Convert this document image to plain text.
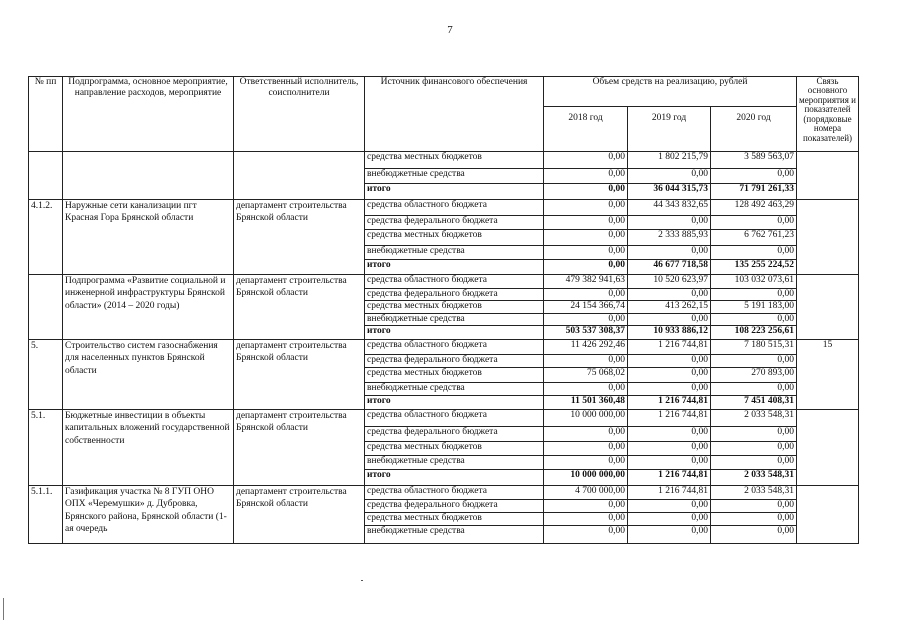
7
№ пп	Подпрограмма, основное мероприятие, направление расходов, мероприятие	Ответственный исполнитель, соисполнители	Источник финансового обеспечения	Объем средств на реализацию, рублей			Связь основного мероприятия и показателей (порядковые номера показателей)
				2018 год	2019 год	2020 год	
			средства местных бюджетов	0,00	1 802 215,79	3 589 563,07	
			внебюджетные средства	0,00	0,00	0,00	
			итого	0,00	36 044 315,73	71 791 261,33	
4.1.2.	Наружные сети канализации пгт Красная Гора Брянской области	департамент строительства Брянской области	средства областного бюджета	0,00	44 343 832,65	128 492 463,29	
			средства федерального бюджета	0,00	0,00	0,00	
			средства местных бюджетов	0,00	2 333 885,93	6 762 761,23	
			внебюджетные средства	0,00	0,00	0,00	
			итого	0,00	46 677 718,58	135 255 224,52	
	Подпрограмма «Развитие социальной и инженерной инфраструктуры Брянской области» (2014 – 2020 годы)	департамент строительства Брянской области	средства областного бюджета	479 382 941,63	10 520 623,97	103 032 073,61	
			средства федерального бюджета	0,00	0,00	0,00	
			средства местных бюджетов	24 154 366,74	413 262,15	5 191 183,00	
			внебюджетные средства	0,00	0,00	0,00	
			итого	503 537 308,37	10 933 886,12	108 223 256,61	
5.	Строительство систем газоснабжения для населенных пунктов Брянской области	департамент строительства Брянской области	средства областного бюджета	11 426 292,46	1 216 744,81	7 180 515,31	15
			средства федерального бюджета	0,00	0,00	0,00	
			средства местных бюджетов	75 068,02	0,00	270 893,00	
			внебюджетные средства	0,00	0,00	0,00	
			итого	11 501 360,48	1 216 744,81	7 451 408,31	
5.1.	Бюджетные инвестиции в объекты капитальных вложений государственной собственности	департамент строительства Брянской области	средства областного бюджета	10 000 000,00	1 216 744,81	2 033 548,31	
			средства федерального бюджета	0,00	0,00	0,00	
			средства местных бюджетов	0,00	0,00	0,00	
			внебюджетные средства	0,00	0,00	0,00	
			итого	10 000 000,00	1 216 744,81	2 033 548,31	
5.1.1.	Газификация участка № 8 ГУП ОНО ОПХ «Черемушки» д. Дубровка, Брянского района, Брянской области (1-ая очередь	департамент строительства Брянской области	средства областного бюджета	4 700 000,00	1 216 744,81	2 033 548,31	
			средства федерального бюджета	0,00	0,00	0,00	
			средства местных бюджетов	0,00	0,00	0,00	
			внебюджетные средства	0,00	0,00	0,00	
